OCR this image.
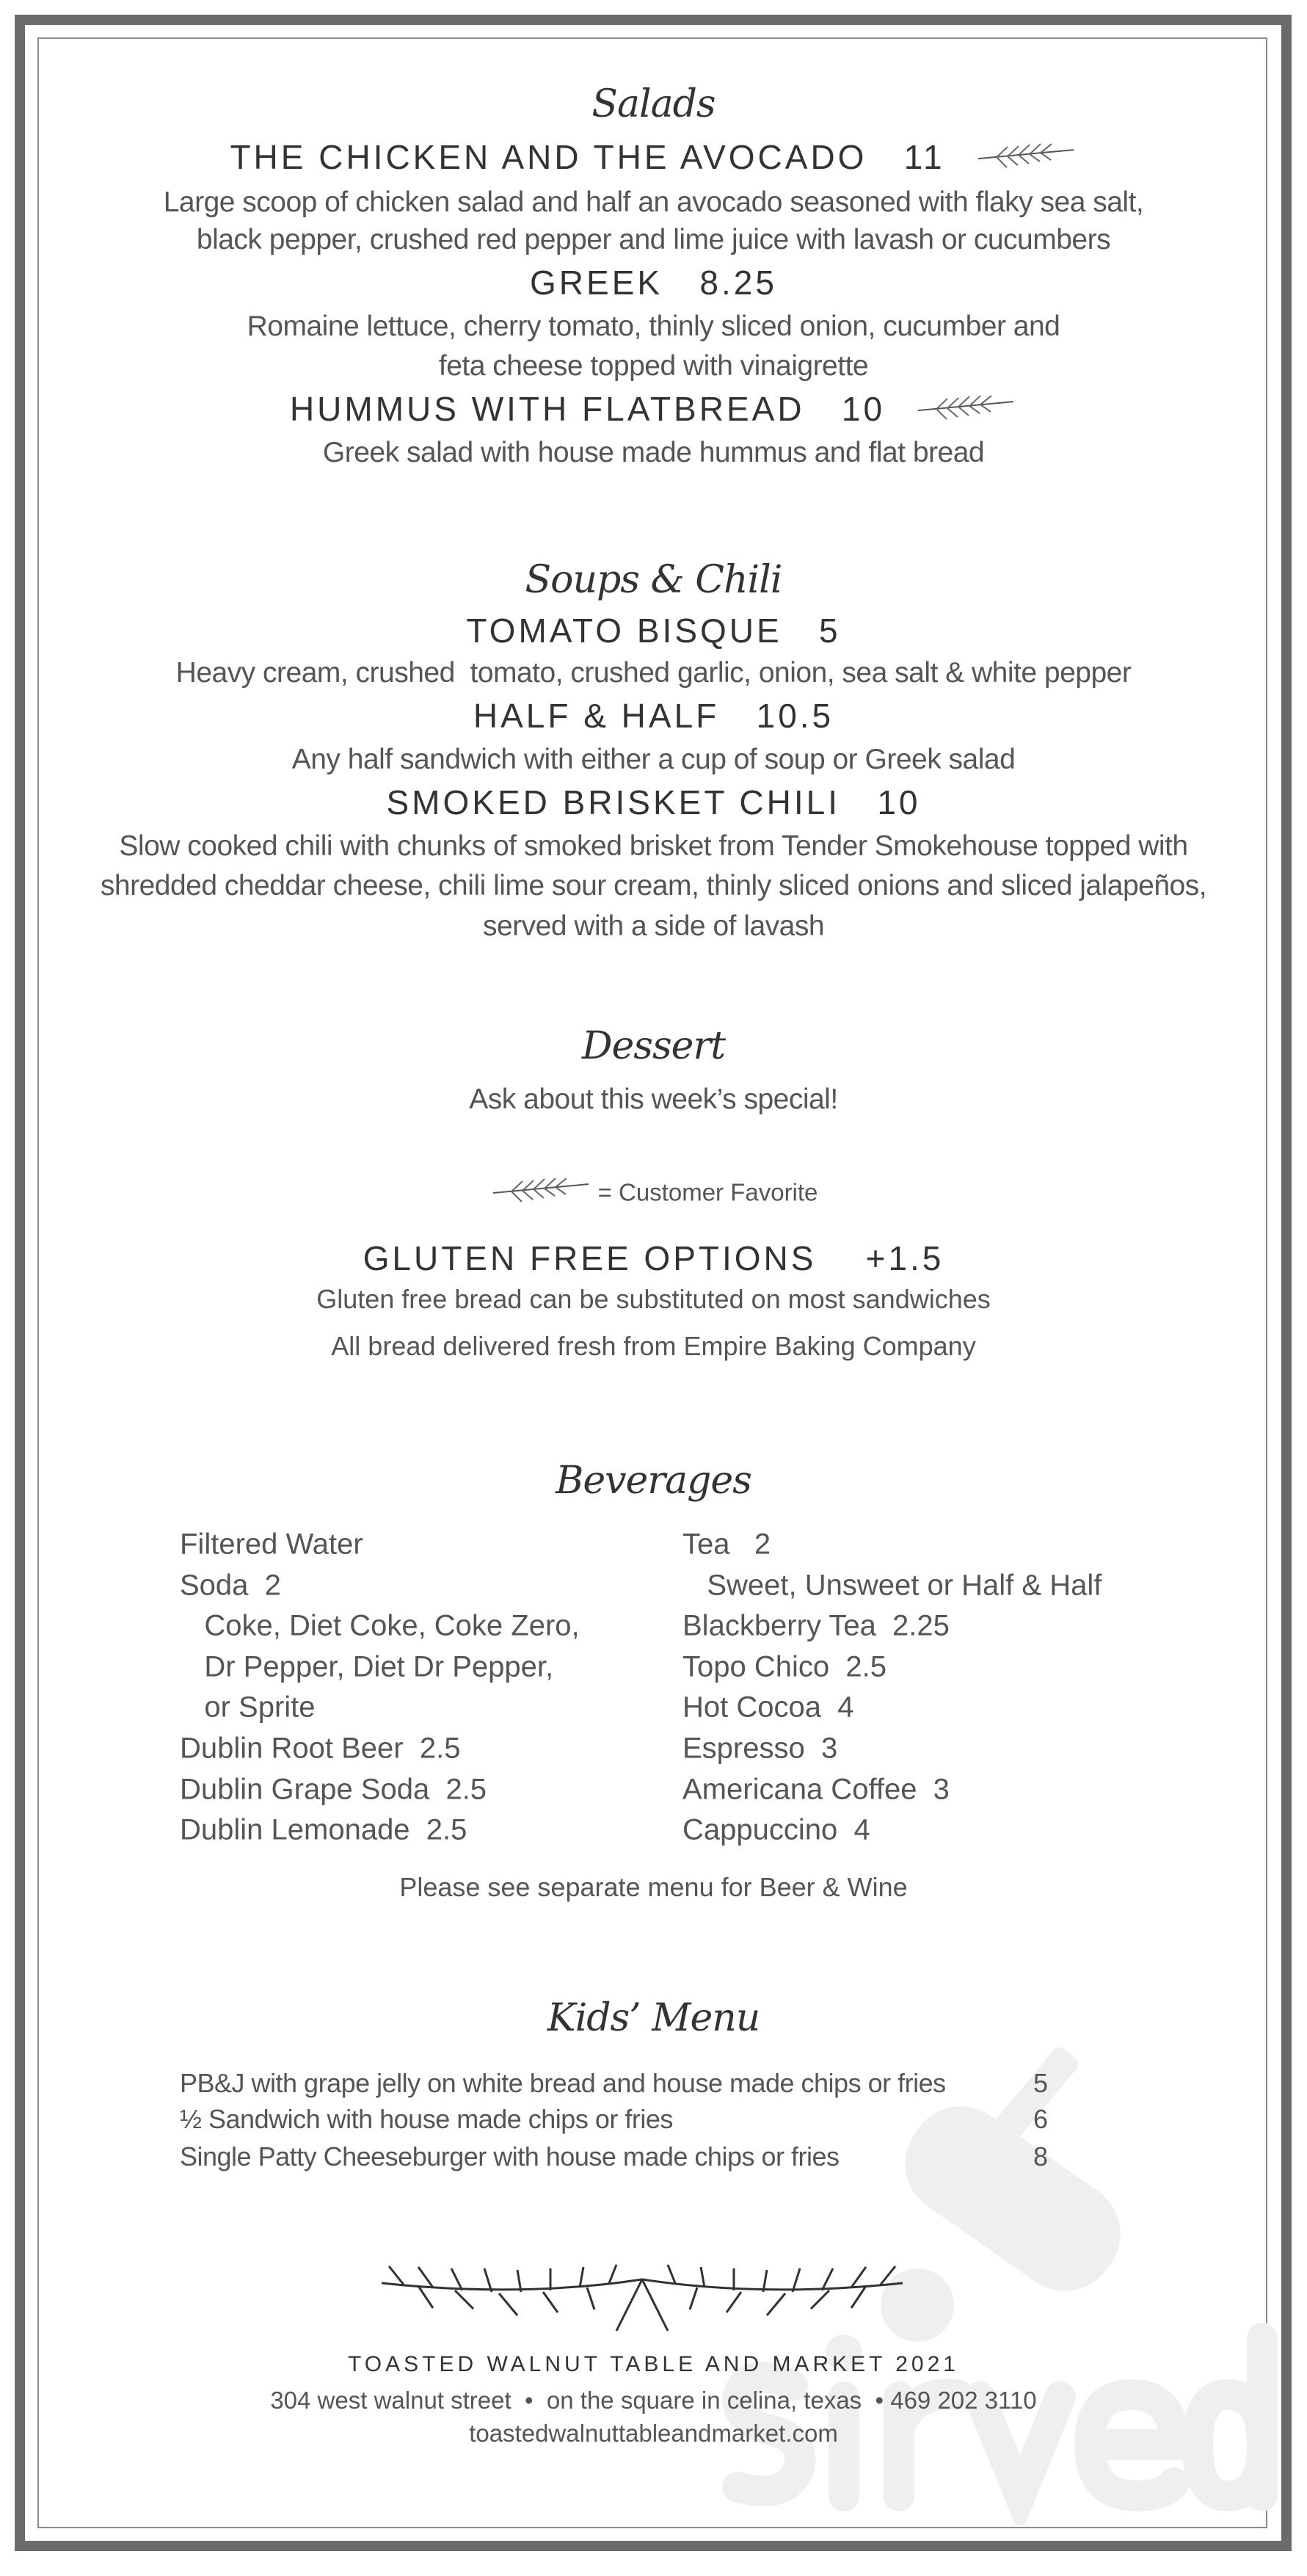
Salads
THE CHICKEN AND THE AVOCADO   11
Large scoop of chicken salad and half an avocado seasoned with flaky sea salt,
black pepper, crushed red pepper and lime juice with lavash or cucumbers
GREEK   8.25
Romaine lettuce, cherry tomato, thinly sliced onion, cucumber and
feta cheese topped with vinaigrette
HUMMUS WITH FLATBREAD   10
Greek salad with house made hummus and flat bread
Soups & Chili
TOMATO BISQUE   5
Heavy cream, crushed  tomato, crushed garlic, onion, sea salt & white pepper
HALF & HALF   10.5
Any half sandwich with either a cup of soup or Greek salad
SMOKED BRISKET CHILI   10
Slow cooked chili with chunks of smoked brisket from Tender Smokehouse topped with
shredded cheddar cheese, chili lime sour cream, thinly sliced onions and sliced jalapeños,
served with a side of lavash
Dessert
Ask about this week’s special!
= Customer Favorite
GLUTEN FREE OPTIONS    +1.5
Gluten free bread can be substituted on most sandwiches
All bread delivered fresh from Empire Baking Company
Beverages
Filtered Water
Soda  2
Coke, Diet Coke, Coke Zero,
Dr Pepper, Diet Dr Pepper,
or Sprite
Dublin Root Beer  2.5
Dublin Grape Soda  2.5
Dublin Lemonade  2.5
Tea   2
Sweet, Unsweet or Half & Half
Blackberry Tea  2.25
Topo Chico  2.5
Hot Cocoa  4
Espresso  3
Americana Coffee  3
Cappuccino  4
Please see separate menu for Beer & Wine
Kids’ Menu
PB&J with grape jelly on white bread and house made chips or fries	5
½ Sandwich with house made chips or fries	6
Single Patty Cheeseburger with house made chips or fries	8
TOASTED WALNUT TABLE AND MARKET 2021
304 west walnut street  •  on the square in celina, texas  • 469 202 3110
toastedwalnuttableandmarket.com
